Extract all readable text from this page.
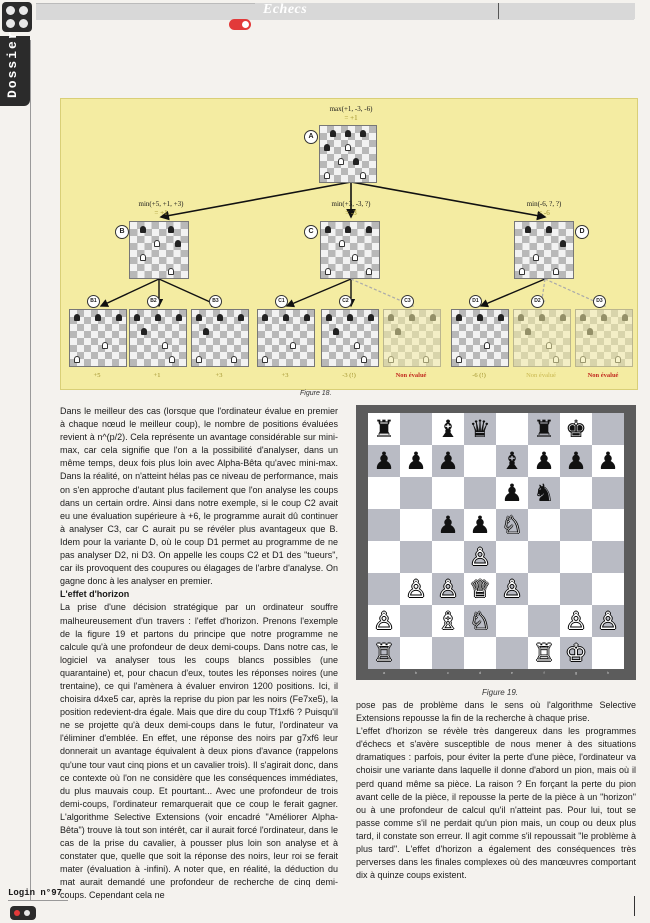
Echecs
Dossier
max(+1, -3, -6)
= +1
A
min(+5, +1, +3)
= +1
B
min(+3, -3, ?)
= -3
C
min(-6, ?, ?)
= -6
D
B1
+5
B2
+1
B3
+3
C1
+3
C2
-3 (!)
C3
Non évalué
D1
-6 (!)
D2
Non évalué
D3
Non évalué
Figure 18.

Dans le meilleur des cas (lorsque que l'ordinateur évalue en premier à chaque nœud le meilleur coup), le nombre de positions évaluées revient à n^(p/2). Cela représente un avantage considérable sur mini-max, car cela signifie que l'on a la possibilité d'analyser, dans un même temps, deux fois plus loin avec Alpha-Bêta qu'avec mini-max. Dans la réalité, on n'atteint hélas pas ce niveau de performance, mais on s'en approche d'autant plus facilement que l'on analyse les coups dans un certain ordre. Ainsi dans notre exemple, si le coup C2 avait eu une évaluation supérieure à +6, le programme aurait dû continuer à analyser C3, car C aurait pu se révéler plus avantageux que B. Idem pour la variante D, où le coup D1 permet au programme de ne pas analyser D2, ni D3. On appelle les coups C2 et D1 des "tueurs", car ils provoquent des coupures ou élagages de l'arbre d'analyse. On gagne donc à les analyser en premier.

L'effet d'horizon

La prise d'une décision stratégique par un ordinateur souffre malheureusement d'un travers : l'effet d'horizon. Prenons l'exemple de la figure 19 et partons du principe que notre programme ne calcule qu'à une profondeur de deux demi-coups. Dans notre cas, le logiciel va analyser tous les coups blancs possibles (une quarantaine) et, pour chacun d'eux, toutes les réponses noires (une trentaine), ce qui l'amènera à évaluer environ 1200 positions. Ici, il choisira d4xe5 car, après la reprise du pion par les noirs (Fe7xe5), la position redevient-dra égale. Mais que dire du coup Tf1xf6 ? Puisqu'il ne se projette qu'à deux demi-coups dans le futur, l'ordinateur va l'éliminer d'emblée. En effet, une réponse des noirs par g7xf6 leur donnerait un avantage équivalent à deux pions d'avance (rappelons qu'une tour vaut cinq pions et un cavalier trois). Il s'agirait donc, dans ce contexte où l'on ne considère que les conséquences immédiates, du plus mauvais coup. Et pourtant... Avec une profondeur de trois demi-coups, l'ordinateur remarquerait que ce coup le ferait gagner. L'algorithme Selective Extensions (voir encadré "Améliorer Alpha-Bêta") trouve là tout son intérêt, car il aurait forcé l'ordinateur, dans le cas de la prise du cavalier, à pousser plus loin son analyse et à constater que, quelle que soit la réponse des noirs, leur roi se ferait mater (évaluation à -infini). A noter que, en réalité, la déduction du mat aurait demandé une profondeur de recherche de cinq demi-coups. Cependant cela ne

♜ ♝ ♛ ♜ ♚
♟ ♟ ♟ ♝ ♟ ♟ ♟
♟ ♞
♟ ♟ ♘
♙
♙ ♙ ♕ ♙
♙ ♗ ♘	♙ ♙
♖	♖ ♔
a	b	c	d	e	f	g	h
Figure 19.

pose pas de problème dans le sens où l'algorithme Selective Extensions repousse la fin de la recherche à chaque prise.

L'effet d'horizon se révèle très dangereux dans les programmes d'échecs et s'avère susceptible de nous mener à des situations dramatiques : parfois, pour éviter la perte d'une pièce, l'ordinateur va choisir une variante dans laquelle il donne d'abord un pion, mais où il perd quand même sa pièce. La raison ? En forçant la perte du pion avant celle de la pièce, il repousse la perte de la pièce à un "horizon" ou à une profondeur de calcul qu'il n'atteint pas. Pour lui, tout se passe comme s'il ne perdait qu'un pion mais, un coup ou deux plus tard, il constate son erreur. Il agit comme s'il repoussait "le problème à plus tard". L'effet d'horizon a également des conséquences très perverses dans les finales complexes où des manœuvres comportant dix à quinze coups existent.

Login n°97
